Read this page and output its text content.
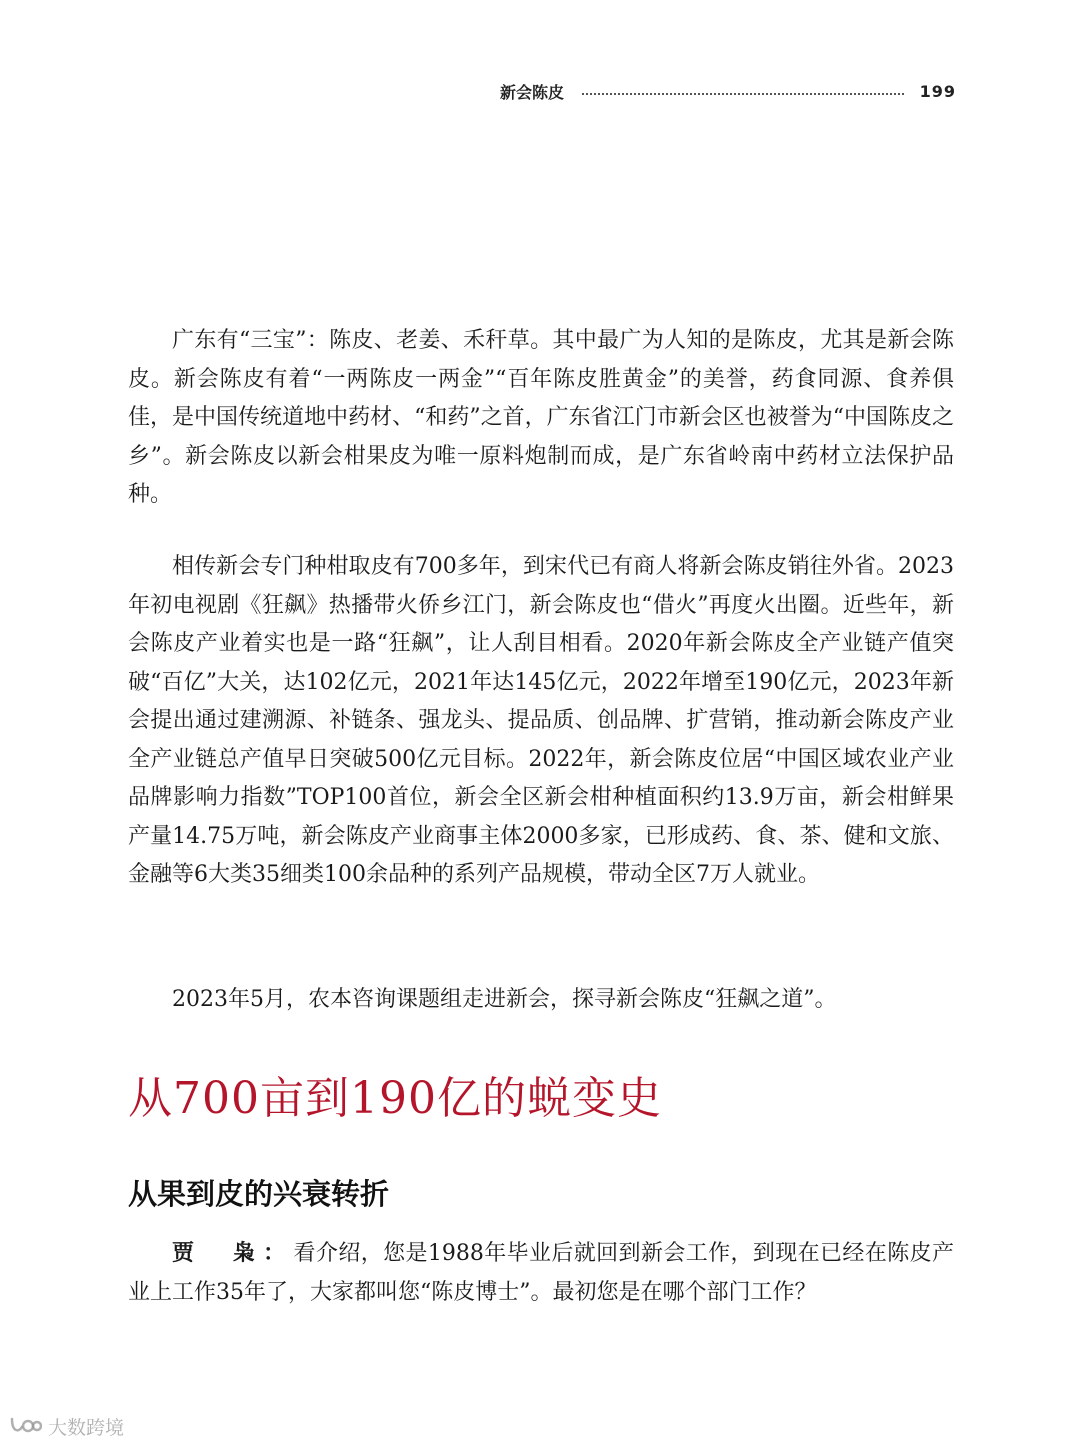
新会陈皮	199

广东有“三宝”：陈皮、老姜、禾秆草。其中最广为人知的是陈皮，尤其是新会陈皮。新会陈皮有着“一两陈皮一两金”“百年陈皮胜黄金”的美誉，药食同源、食养俱佳，是中国传统道地中药材、“和药”之首，广东省江门市新会区也被誉为“中国陈皮之乡”。新会陈皮以新会柑果皮为唯一原料炮制而成，是广东省岭南中药材立法保护品种。

相传新会专门种柑取皮有700多年，到宋代已有商人将新会陈皮销往外省。2023年初电视剧《狂飙》热播带火侨乡江门，新会陈皮也“借火”再度火出圈。近些年，新会陈皮产业着实也是一路“狂飙”，让人刮目相看。2020年新会陈皮全产业链产值突破“百亿”大关，达102亿元，2021年达145亿元，2022年增至190亿元，2023年新会提出通过建溯源、补链条、强龙头、提品质、创品牌、扩营销，推动新会陈皮产业全产业链总产值早日突破500亿元目标。2022年，新会陈皮位居“中国区域农业产业品牌影响力指数”TOP100首位，新会全区新会柑种植面积约13.9万亩，新会柑鲜果产量14.75万吨，新会陈皮产业商事主体2000多家，已形成药、食、茶、健和文旅、金融等6大类35细类100余品种的系列产品规模，带动全区7万人就业。

2023年5月，农本咨询课题组走进新会，探寻新会陈皮“狂飙之道”。

从700亩到190亿的蜕变史
从果到皮的兴衰转折

贾　枭：看介绍，您是1988年毕业后就回到新会工作，到现在已经在陈皮产业上工作35年了，大家都叫您“陈皮博士”。最初您是在哪个部门工作？

大数跨境
